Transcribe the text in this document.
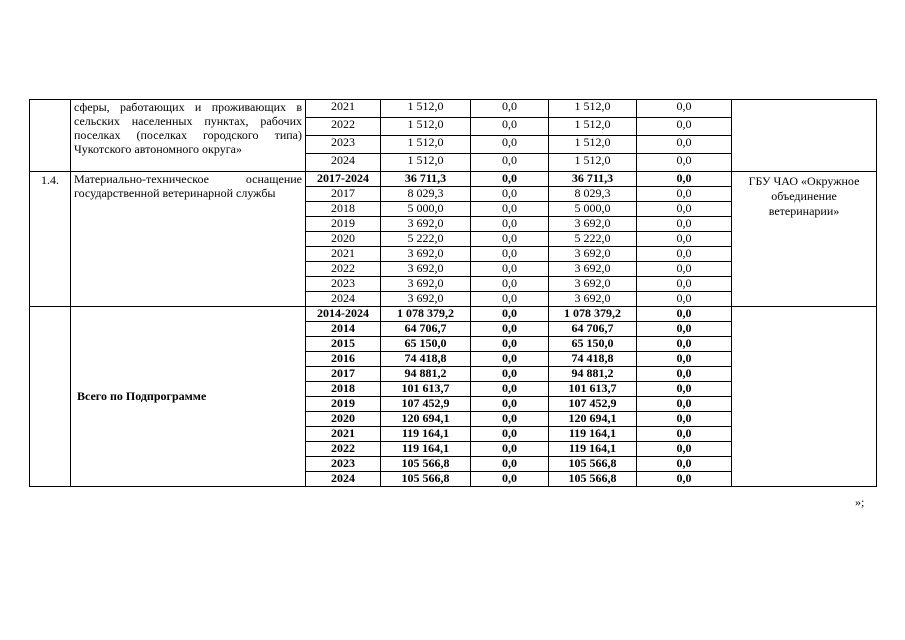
	сферы, работающих и проживающих в сельских населенных пунктах, рабочих поселках (поселках городского типа) Чукотского автономного округа»	2021	1 512,0	0,0	1 512,0	0,0	
		2022	1 512,0	0,0	1 512,0	0,0	
		2023	1 512,0	0,0	1 512,0	0,0	
		2024	1 512,0	0,0	1 512,0	0,0	
1.4.	Материально-техническое оснащение государственной ветеринарной службы	2017-2024	36 711,3	0,0	36 711,3	0,0	ГБУ ЧАО «Окружное объединение ветеринарии»
		2017	8 029,3	0,0	8 029,3	0,0	
		2018	5 000,0	0,0	5 000,0	0,0	
		2019	3 692,0	0,0	3 692,0	0,0	
		2020	5 222,0	0,0	5 222,0	0,0	
		2021	3 692,0	0,0	3 692,0	0,0	
		2022	3 692,0	0,0	3 692,0	0,0	
		2023	3 692,0	0,0	3 692,0	0,0	
		2024	3 692,0	0,0	3 692,0	0,0	
	Всего по Подпрограмме	2014-2024	1 078 379,2	0,0	1 078 379,2	0,0	
		2014	64 706,7	0,0	64 706,7	0,0	
		2015	65 150,0	0,0	65 150,0	0,0	
		2016	74 418,8	0,0	74 418,8	0,0	
		2017	94 881,2	0,0	94 881,2	0,0	
		2018	101 613,7	0,0	101 613,7	0,0	
		2019	107 452,9	0,0	107 452,9	0,0	
		2020	120 694,1	0,0	120 694,1	0,0	
		2021	119 164,1	0,0	119 164,1	0,0	
		2022	119 164,1	0,0	119 164,1	0,0	
		2023	105 566,8	0,0	105 566,8	0,0	
		2024	105 566,8	0,0	105 566,8	0,0	
»;
